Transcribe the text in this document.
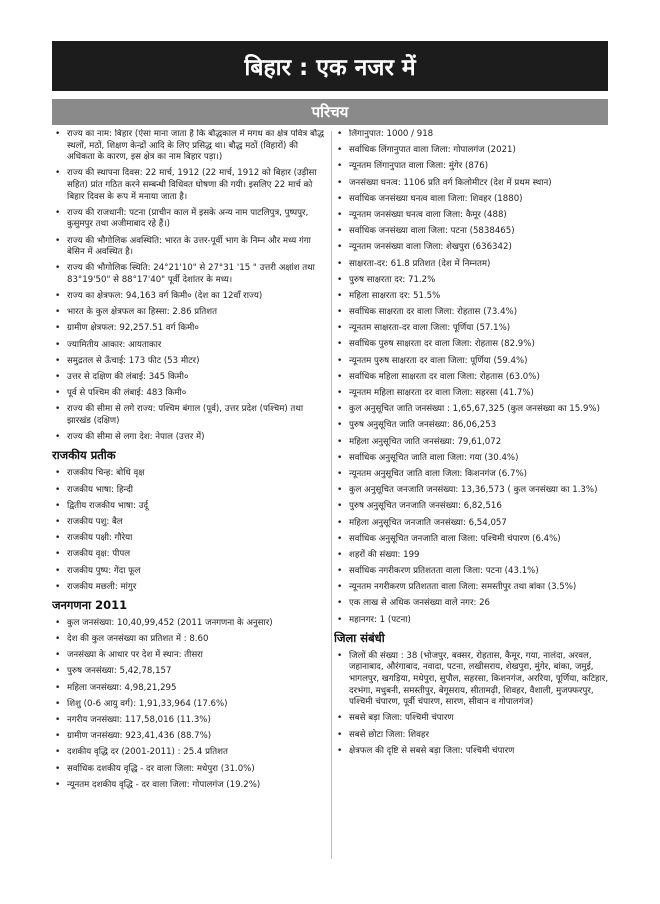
बिहार : एक नजर में
परिचय
• राज्य का नाम: बिहार (ऐसा माना जाता है कि बौद्धकाल में मगध का क्षेत्र पवित्र बौद्ध स्थलों, मठों, शिक्षण केन्द्रों आदि के लिए प्रसिद्ध था। बौद्ध मठों (विहारों) की अधिकता के कारण, इस क्षेत्र का नाम बिहार पड़ा।)
• राज्य की स्थापना दिवस: 22 मार्च, 1912 (22 मार्च, 1912 को बिहार (उड़ीसा सहित) प्रांत गठित करने सम्बन्धी विधिवत घोषणा की गयी। इसलिए 22 मार्च को बिहार दिवस के रूप में मनाया जाता है।
• राज्य की राजधानी: पटना (प्राचीन काल में इसके अन्य नाम पाटलिपुत्र, पुष्पपुर, कुसुमपुर तथा अजीमाबाद रहे हैं।)
• राज्य की भौगोलिक अवस्थिति: भारत के उत्तर-पूर्वी भाग के निम्न और मध्य गंगा बेसिन में अवस्थित है।
• राज्य की भौगोलिक स्थिति: 24°21'10" से 27°31 '15 " उत्तरी अक्षांश तथा 83°19'50" से 88°17'40" पूर्वी देशांतर के मध्य।
• राज्य का क्षेत्रफल: 94,163 वर्ग किमी० (देश का 12वाँ राज्य)
• भारत के कुल क्षेत्रफल का हिस्सा: 2.86 प्रतिशत
• ग्रामीण क्षेत्रफल: 92,257.51 वर्ग किमी०
• ज्यामितीय आकार: आयताकार
• समुद्रतल से ऊँचाई: 173 फीट (53 मीटर)
• उत्तर से दक्षिण की लंबाई: 345 किमी०
• पूर्व से पश्चिम की लंबाई: 483 किमी०
• राज्य की सीमा से लगे राज्य: पश्चिम बंगाल (पूर्व), उत्तर प्रदेश (पश्चिम) तथा झारखंड (दक्षिण)
• राज्य की सीमा से लगा देश: नेपाल (उत्तर में)
राजकीय प्रतीक
• राजकीय चिन्ह: बोधि वृक्ष
• राजकीय भाषा: हिन्दी
• द्वितीय राजकीय भाषा: उर्दू
• राजकीय पशु: बैल
• राजकीय पक्षी: गौरेया
• राजकीय वृक्ष: पीपल
• राजकीय पुष्प: गेंदा फूल
• राजकीय मछली: मांगुर
जनगणना 2011
• कुल जनसंख्या: 10,40,99,452 (2011 जनगणना के अनुसार)
• देश की कुल जनसंख्या का प्रतिशत में : 8.60
• जनसंख्या के आधार पर देश में स्थान: तीसरा
• पुरुष जनसंख्या: 5,42,78,157
• महिला जनसंख्या: 4,98,21,295
• शिशु (0-6 आयु वर्ग): 1,91,33,964 (17.6%)
• नगरीय जनसंख्या: 117,58,016 (11.3%)
• ग्रामीण जनसंख्या: 923,41,436 (88.7%)
• दशकीय वृद्धि दर (2001-2011) : 25.4 प्रतिशत
• सर्वाधिक दशकीय वृद्धि - दर वाला जिला: मधेपुरा (31.0%)
• न्यूनतम दशकीय वृद्धि - दर वाला जिला: गोपालगंज (19.2%)
• लिंगानुपात: 1000 / 918
• सर्वाधिक लिंगानुपात वाला जिला: गोपालगंज (2021)
• न्यूनतम लिंगानुपात वाला जिला: मुंगेर (876)
• जनसंख्या घनत्व: 1106 प्रति वर्ग किलोमीटर (देश में प्रथम स्थान)
• सर्वाधिक जनसंख्या घनत्व वाला जिला: शिवहर (1880)
• न्यूनतम जनसंख्या घनत्व वाला जिला: कैमूर (488)
• सर्वाधिक जनसंख्या वाला जिला: पटना (5838465)
• न्यूनतम जनसंख्या वाला जिला: शेखपुरा (636342)
• साक्षरता-दर: 61.8 प्रतिशत (देश में निम्नतम)
• पुरुष साक्षरता दर: 71.2%
• महिला साक्षरता दर: 51.5%
• सर्वाधिक साक्षरता दर वाला जिला: रोहतास (73.4%)
• न्यूनतम साक्षरता-दर वाला जिला: पूर्णिया (57.1%)
• सर्वाधिक पुरुष साक्षरता दर वाला जिला: रोहतास (82.9%)
• न्यूनतम पुरुष साक्षरता दर वाला जिला: पूर्णिया (59.4%)
• सर्वाधिक महिला साक्षरता दर वाला जिला: रोहतास (63.0%)
• न्यूनतम महिला साक्षरता दर वाला जिला: सहरसा (41.7%)
• कुल अनुसूचित जाति जनसंख्या : 1,65,67,325 (कुल जनसंख्या का 15.9%)
• पुरुष अनुसूचित जाति जनसंख्या: 86,06,253
• महिला अनुसूचित जाति जनसंख्या: 79,61,072
• सर्वाधिक अनुसूचित जाति वाला जिला: गया (30.4%)
• न्यूनतम अनुसूचित जाति वाला जिला: किशनगंज (6.7%)
• कुल अनुसूचित जनजाति जनसंख्या: 13,36,573 ( कुल जनसंख्या का 1.3%)
• पुरुष अनुसूचित जनजाति जनसंख्या: 6,82,516
• महिला अनुसूचित जनजाति जनसंख्या: 6,54,057
• सर्वाधिक अनुसूचित जनजाति वाला जिला: पश्चिमी चंपारण (6.4%)
• शहरों की संख्या: 199
• सर्वाधिक नगरीकरण प्रतिशतता वाला जिला: पटना (43.1%)
• न्यूनतम नगरीकरण प्रतिशतता वाला जिला: समस्तीपुर तथा बांका (3.5%)
• एक लाख से अधिक जनसंख्या वाले नगर: 26
• महानगर: 1 (पटना)
जिला संबंधी
• जिलों की संख्या : 38 (भोजपुर, बक्सर, रोहतास, कैमूर, गया, नालंदा, अरवल, जहानाबाद, औरंगाबाद, नवादा, पटना, लखीसराय, शेखपुरा, मुंगेर, बांका, जमुई, भागलपुर, खगड़िया, मधेपुरा, सुपौल, सहरसा, किशनगंज, अररिया, पूर्णिया, कटिहार, दरभंगा, मधुबनी, समस्तीपुर, बेगूसराय, सीतामढ़ी, शिवहर, वैशाली, मुजफ्फरपुर, पश्चिमी चंपारण, पूर्वी चंपारण, सारण, सीवान व गोपालगंज)
• सबसे बड़ा जिला: पश्चिमी चंपारण
• सबसे छोटा जिला: शिवहर
• क्षेत्रफल की दृष्टि से सबसे बड़ा जिला: पश्चिमी चंपारण
